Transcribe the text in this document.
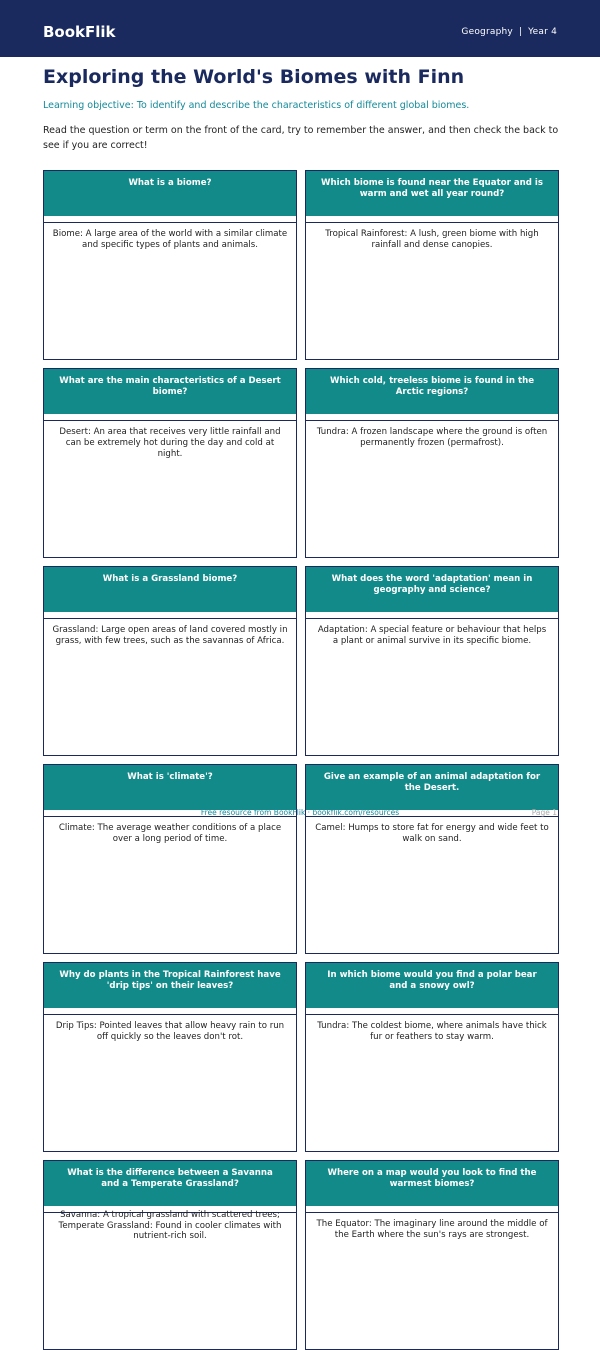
BookFlik	Geography | Year 4
Exploring the World's Biomes with Finn
Learning objective: To identify and describe the characteristics of different global biomes.

Read the question or term on the front of the card, try to remember the answer, and then check the back to see if you are correct!

What is a biome?
Biome: A large area of the world with a similar climate and specific types of plants and animals.
Which biome is found near the Equator and is warm and wet all year round?
Tropical Rainforest: A lush, green biome with high rainfall and dense canopies.
What are the main characteristics of a Desert biome?
Desert: An area that receives very little rainfall and can be extremely hot during the day and cold at night.
Which cold, treeless biome is found in the Arctic regions?
Tundra: A frozen landscape where the ground is often permanently frozen (permafrost).
What is a Grassland biome?
Grassland: Large open areas of land covered mostly in grass, with few trees, such as the savannas of Africa.
What does the word 'adaptation' mean in geography and science?
Adaptation: A special feature or behaviour that helps a plant or animal survive in its specific biome.
What is 'climate'?
Climate: The average weather conditions of a place over a long period of time.
Give an example of an animal adaptation for the Desert.
Camel: Humps to store fat for energy and wide feet to walk on sand.
Why do plants in the Tropical Rainforest have 'drip tips' on their leaves?
Drip Tips: Pointed leaves that allow heavy rain to run off quickly so the leaves don't rot.
In which biome would you find a polar bear and a snowy owl?
Tundra: The coldest biome, where animals have thick fur or feathers to stay warm.
What is the difference between a Savanna and a Temperate Grassland?
Savanna: A tropical grassland with scattered trees; Temperate Grassland: Found in cooler climates with nutrient-rich soil.
Where on a map would you look to find the warmest biomes?
The Equator: The imaginary line around the middle of the Earth where the sun's rays are strongest.
Free resource from BookFlik · bookflik.com/resources	Page 1
